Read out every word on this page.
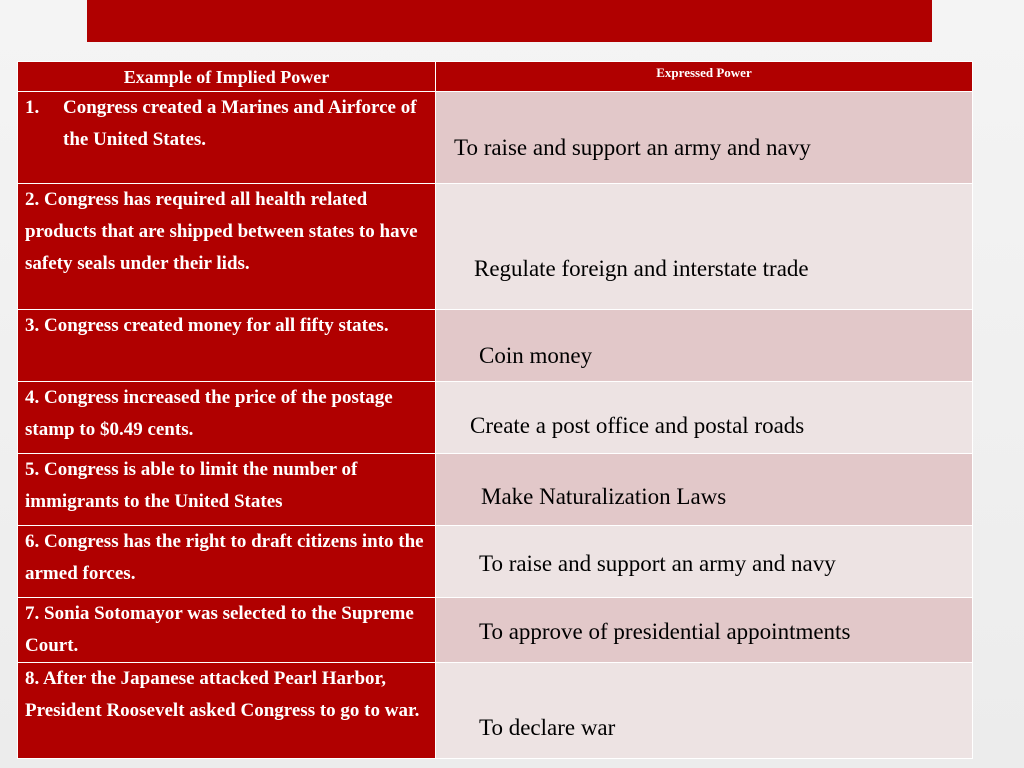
Example of Implied Power	Expressed Power

1. Congress created a Marines and Airforce of the United States.	To raise and support an army and navy
2. Congress has required all health related products that are shipped between states to have safety seals under their lids.	Regulate foreign and interstate trade
3. Congress created money for all fifty states.	Coin money
4. Congress increased the price of the postage stamp to $0.49 cents.	Create a post office and postal roads
5. Congress is able to limit the number of immigrants to the United States	Make Naturalization Laws
6. Congress has the right to draft citizens into the armed forces.	To raise and support an army and navy
7. Sonia Sotomayor was selected to the Supreme Court.	To approve of presidential appointments
8. After the Japanese attacked Pearl Harbor, President Roosevelt asked Congress to go to war.	To declare war
